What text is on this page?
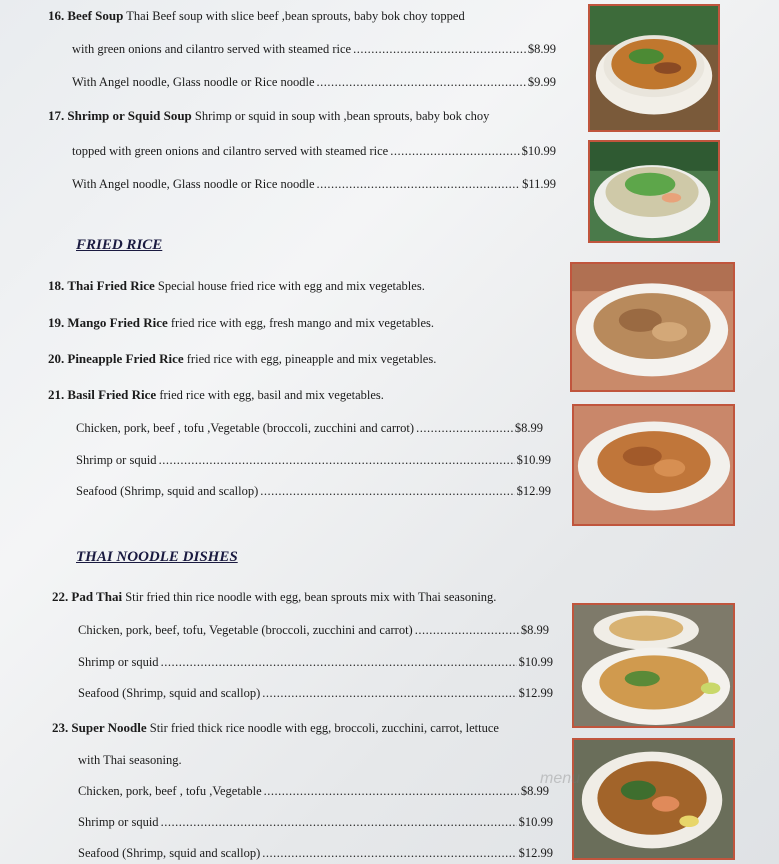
16. Beef Soup Thai Beef soup with slice beef ,bean sprouts, baby bok choy topped
with green onions and cilantro served with steamed rice .....	$8.99
With Angel noodle, Glass noodle or Rice noodle .....	$9.99
17. Shrimp or Squid Soup Shrimp or squid in soup with ,bean sprouts, baby bok choy
topped with green onions and cilantro served with steamed rice .....	$10.99
With Angel noodle, Glass noodle or Rice noodle .....	$11.99
FRIED RICE
18. Thai Fried Rice Special house fried rice with egg and mix vegetables.
19. Mango Fried Rice fried rice with egg, fresh mango and mix vegetables.
20. Pineapple Fried Rice fried rice with egg, pineapple and mix vegetables.
21. Basil Fried Rice fried rice with egg, basil and mix vegetables.
Chicken, pork, beef , tofu ,Vegetable (broccoli, zucchini and carrot) .....	$8.99
Shrimp or squid .....	$10.99
Seafood (Shrimp, squid and scallop) .....	$12.99
THAI NOODLE DISHES
22. Pad Thai Stir fried thin rice noodle with egg, bean sprouts mix with Thai seasoning.
Chicken, pork, beef, tofu, Vegetable (broccoli, zucchini and carrot) .....	$8.99
Shrimp or squid .....	$10.99
Seafood (Shrimp, squid and scallop) .....	$12.99
23. Super Noodle Stir fried thick rice noodle with egg, broccoli, zucchini, carrot, lettuce
with Thai seasoning.
Chicken, pork, beef , tofu ,Vegetable .....	$8.99
Shrimp or squid .....	$10.99
Seafood (Shrimp, squid and scallop) .....	$12.99
menu
